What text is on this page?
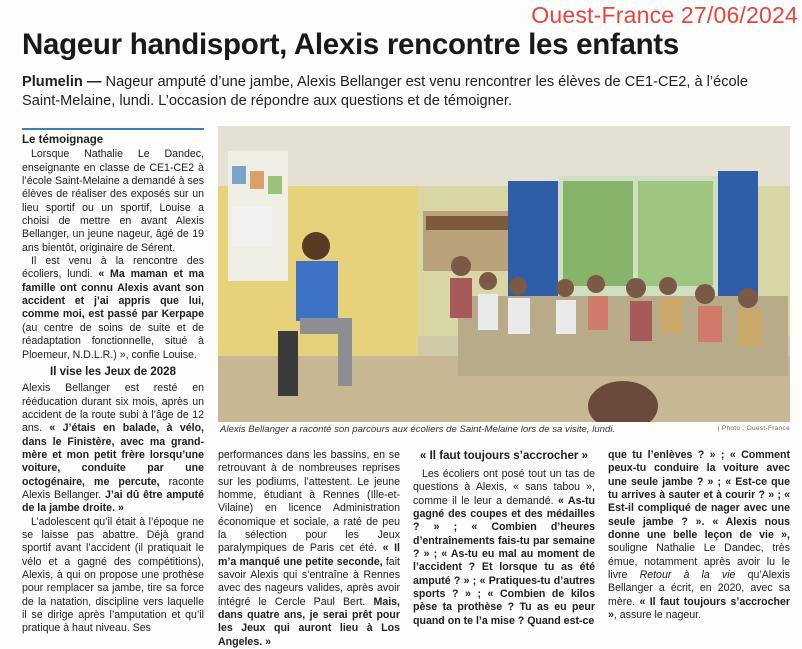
Ouest-France 27/06/2024
Nageur handisport, Alexis rencontre les enfants

Plumelin — Nageur amputé d’une jambe, Alexis Bellanger est venu rencontrer les élèves de CE1-CE2, à l’école Saint-Melaine, lundi. L’occasion de répondre aux questions et de témoigner.

Le témoignage

Lorsque Nathalie Le Dandec, enseignante en classe de CE1-CE2 à l’école Saint-Melaine a demandé à ses élèves de réaliser des exposés sur un lieu sportif ou un sportif, Louise a choisi de mettre en avant Alexis Bellanger, un jeune nageur, âgé de 19 ans bientôt, originaire de Sérent.

Il est venu à la rencontre des écoliers, lundi. « Ma maman et ma famille ont connu Alexis avant son accident et j’ai appris que lui, comme moi, est passé par Kerpape (au centre de soins de suite et de réadaptation fonctionnelle, situé à Ploemeur, N.D.L.R.) », confie Louise.

Il vise les Jeux de 2028

Alexis Bellanger est resté en rééducation durant six mois, après un accident de la route subi à l’âge de 12 ans. « J’étais en balade, à vélo, dans le Finistère, avec ma grand-mère et mon petit frère lorsqu’une voiture, conduite par une octogénaire, me percute, raconte Alexis Bellanger. J’ai dû être amputé de la jambe droite. »

L’adolescent qu’il était à l’époque ne se laisse pas abattre. Déjà grand sportif avant l’accident (il pratiquait le vélo et a gagné des compétitions), Alexis, à qui on propose une prothèse pour remplacer sa jambe, tire sa force de la natation, discipline vers laquelle il se dirige après l’amputation et qu’il pratique à haut niveau. Ses

Alexis Bellanger a raconté son parcours aux écoliers de Saint-Melaine lors de sa visite, lundi.	| Photo : Ouest-France

performances dans les bassins, en se retrouvant à de nombreuses reprises sur les podiums, l’attestent. Le jeune homme, étudiant à Rennes (Ille-et-Vilaine) en licence Administration économique et sociale, a raté de peu la sélection pour les Jeux paralympiques de Paris cet été. « Il m’a manqué une petite seconde, fait savoir Alexis qui s’entraîne à Rennes avec des nageurs valides, après avoir intégré le Cercle Paul Bert. Mais, dans quatre ans, je serai prêt pour les Jeux qui auront lieu à Los Angeles. »

« Il faut toujours s’accrocher »

Les écoliers ont posé tout un tas de questions à Alexis, « sans tabou », comme il le leur a demandé. « As-tu gagné des coupes et des médailles ? » ; « Combien d’heures d’entraînements fais-tu par semaine ? » ; « As-tu eu mal au moment de l’accident ? Et lorsque tu as été amputé ? » ; « Pratiques-tu d’autres sports ? » ; « Combien de kilos pèse ta prothèse ? Tu as eu peur quand on te l’a mise ? Quand est-ce

que tu l’enlèves ? » ; « Comment peux-tu conduire la voiture avec une seule jambe ? » ; « Est-ce que tu arrives à sauter et à courir ? » ; « Est-il compliqué de nager avec une seule jambe ? ». « Alexis nous donne une belle leçon de vie », souligne Nathalie Le Dandec, très émue, notamment après avoir lu le livre Retour à la vie qu’Alexis Bellanger a écrit, en 2020, avec sa mère. « Il faut toujours s’accrocher », assure le nageur.
